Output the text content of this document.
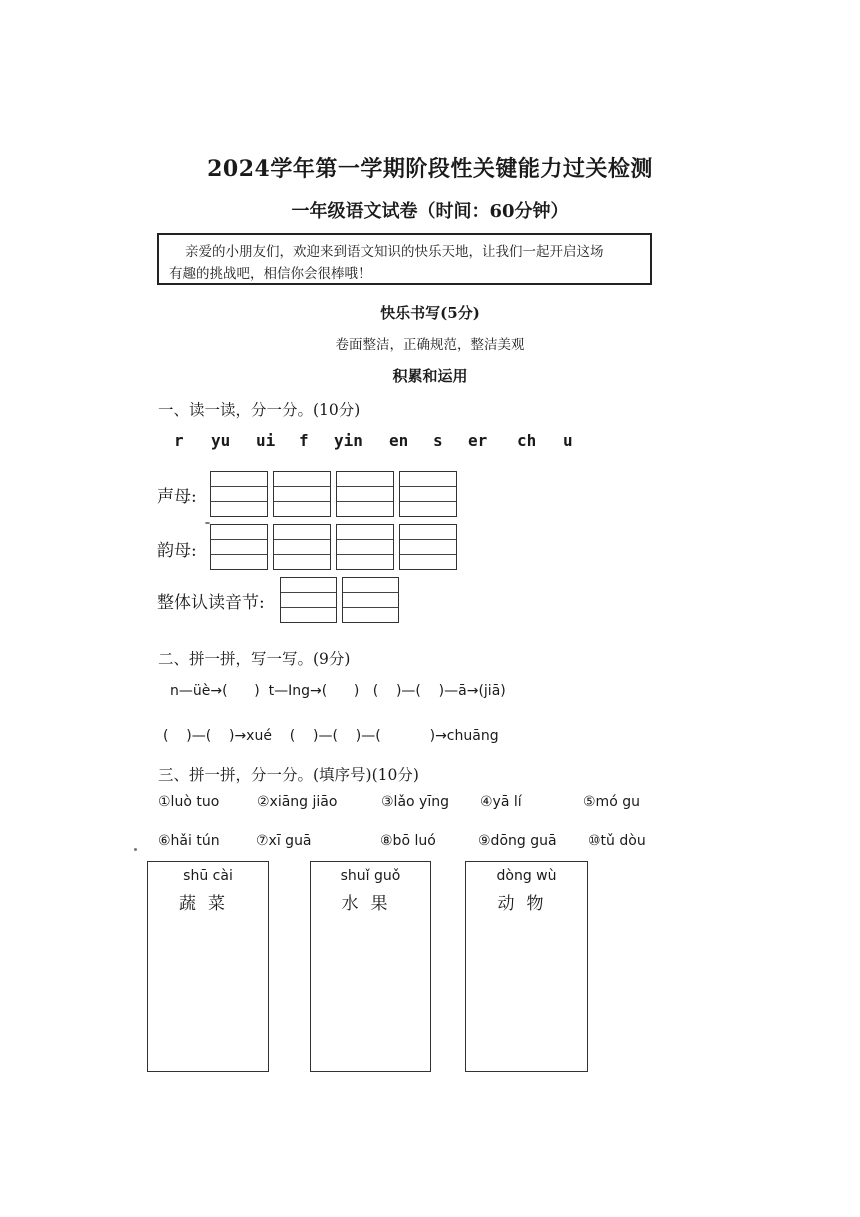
2024学年第一学期阶段性关键能力过关检测
一年级语文试卷（时间：60分钟）
亲爱的小朋友们，欢迎来到语文知识的快乐天地，让我们一起开启这场
有趣的挑战吧，相信你会很棒哦！
快乐书写(5分)
卷面整洁，正确规范，整洁美观
积累和运用
一、读一读，分一分。(10分)
r yu ui f yin en s er ch u
声母:
韵母:
整体认读音节:
二、拼一拼，写一写。(9分)
n—üè→(      )  t—Ing→(      )   (    )—(    )—ā→(jiā)
(    )—(    )→xué    (    )—(    )—(           )→chuāng
三、拼一拼，分一分。(填序号)(10分)
①luò tuo	②xiāng jiāo	③lǎo yīng ④yā lí	⑤mó gu
⑥hǎi tún	⑦xī guā	⑧bō luó	⑨dōng guā ⑩tǔ dòu
shū cài
蔬菜
shuǐ guǒ
水果
dòng wù
动物
